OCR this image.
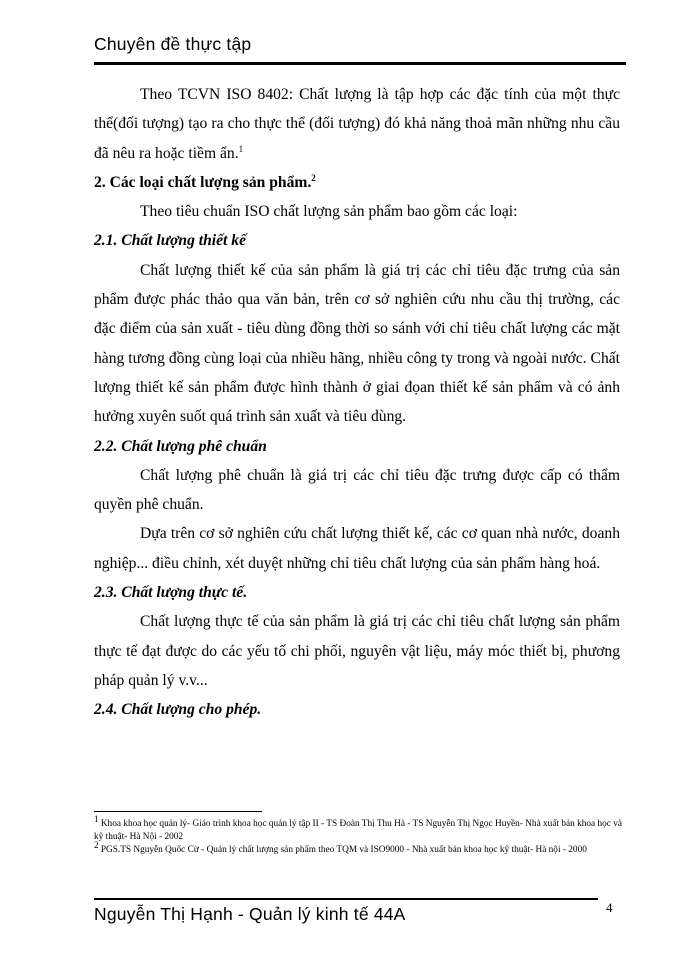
Chuyên đề thực tập

Theo TCVN ISO 8402: Chất lượng là tập hợp các đặc tính của một thực thể(đối tượng) tạo ra cho thực thể (đối tượng) đó khả năng thoả mãn những nhu cầu đã nêu ra hoặc tiềm ẩn.$^1$

2. Các loại chất lượng sản phẩm.$^2$

Theo tiêu chuẩn ISO chất lượng sản phẩm bao gồm các loại:

2.1. Chất lượng thiết kế

Chất lượng thiết kế của sản phẩm là giá trị các chỉ tiêu đặc trưng của sản phẩm được phác thảo qua văn bản, trên cơ sở nghiên cứu nhu cầu thị trường, các đặc điểm của sản xuất - tiêu dùng đồng thời so sánh với chỉ tiêu chất lượng các mặt hàng tương đồng cùng loại của nhiều hãng, nhiều công ty trong và ngoài nước. Chất lượng thiết kế sản phẩm được hình thành ở giai đọan thiết kế sản phẩm và có ảnh hưởng xuyên suốt quá trình sản xuất và tiêu dùng.

2.2. Chất lượng phê chuẩn

Chất lượng phê chuẩn là giá trị các chỉ tiêu đặc trưng được cấp có thẩm quyền phê chuẩn.

Dựa trên cơ sở nghiên cứu chất lượng thiết kế, các cơ quan nhà nước, doanh nghiệp... điều chỉnh, xét duyệt những chỉ tiêu chất lượng của sản phẩm hàng hoá.

2.3. Chất lượng thực tế.

Chất lượng thực tế của sản phẩm là giá trị các chỉ tiêu chất lượng sản phẩm thực tế đạt được do các yếu tố chi phối, nguyên vật liệu, máy móc thiết bị, phương pháp quản lý v.v...

2.4. Chất lượng cho phép.

$^1$ Khoa khoa học quản lý- Giáo trình khoa học quản lý tập II - TS Đoàn Thị Thu Hà - TS Nguyễn Thị Ngọc Huyền- Nhà xuất bản khoa học và kỹ thuật- Hà Nội - 2002

$^2$ PGS.TS Nguyễn Quốc Cừ - Quản lý chất lượng sản phẩm theo TQM và ISO9000 - Nhà xuất bản khoa học kỹ thuật- Hà nội - 2000

Nguyễn Thị Hạnh - Quản lý kinh tế 44A	4
